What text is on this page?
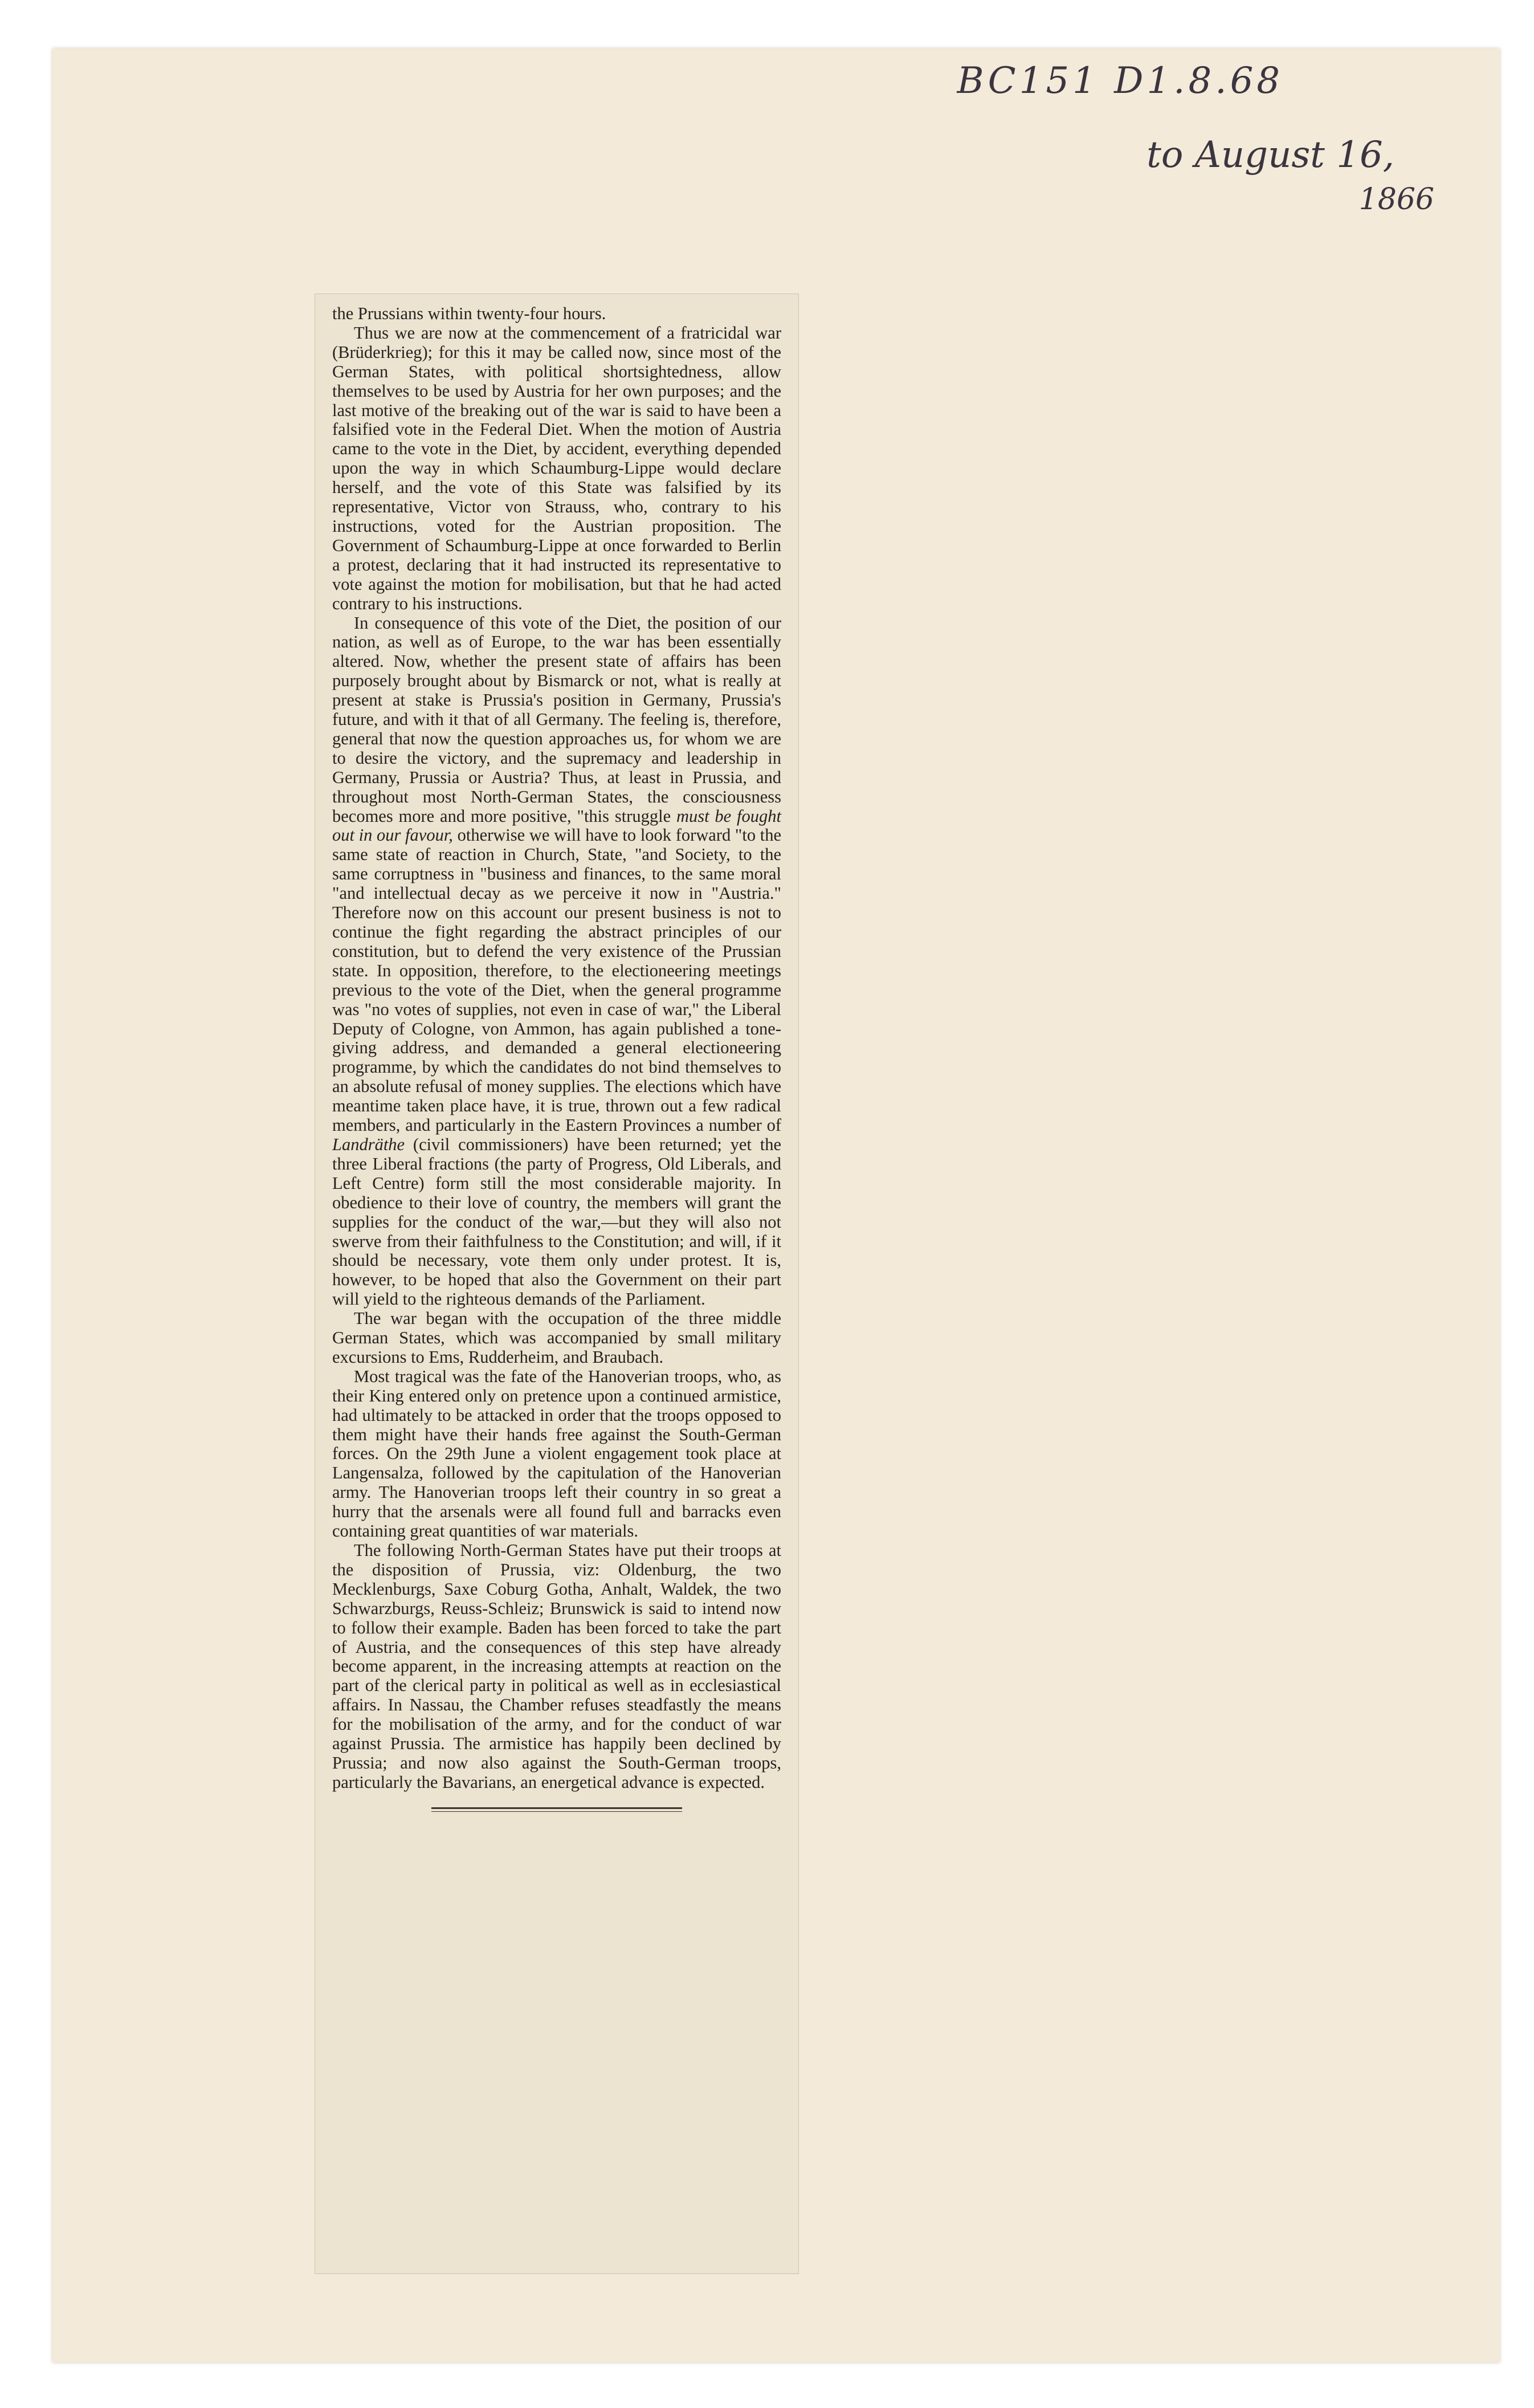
BC151 D1.8.68
to August 16,
1866

the Prussians within twenty-four hours.

Thus we are now at the commencement of a fratricidal war (Brüderkrieg); for this it may be called now, since most of the German States, with political shortsightedness, allow themselves to be used by Austria for her own purposes; and the last motive of the breaking out of the war is said to have been a falsified vote in the Federal Diet. When the motion of Austria came to the vote in the Diet, by accident, everything depended upon the way in which Schaumburg-Lippe would declare herself, and the vote of this State was falsified by its representative, Victor von Strauss, who, contrary to his instructions, voted for the Austrian proposition. The Government of Schaumburg-Lippe at once forwarded to Berlin a protest, declaring that it had instructed its representative to vote against the motion for mobilisation, but that he had acted contrary to his instructions.

In consequence of this vote of the Diet, the position of our nation, as well as of Europe, to the war has been essentially altered. Now, whether the present state of affairs has been purposely brought about by Bismarck or not, what is really at present at stake is Prussia's position in Germany, Prussia's future, and with it that of all Germany. The feeling is, therefore, general that now the question approaches us, for whom we are to desire the victory, and the supremacy and leadership in Germany, Prussia or Austria? Thus, at least in Prussia, and throughout most North-German States, the consciousness becomes more and more positive, "this struggle must be fought out in our favour, otherwise we will have to look forward "to the same state of reaction in Church, State, "and Society, to the same corruptness in "business and finances, to the same moral "and intellectual decay as we perceive it now in "Austria." Therefore now on this account our present business is not to continue the fight regarding the abstract principles of our constitution, but to defend the very existence of the Prussian state. In opposition, therefore, to the electioneering meetings previous to the vote of the Diet, when the general programme was "no votes of supplies, not even in case of war," the Liberal Deputy of Cologne, von Ammon, has again published a tone-giving address, and demanded a general electioneering programme, by which the candidates do not bind themselves to an absolute refusal of money supplies. The elections which have meantime taken place have, it is true, thrown out a few radical members, and particularly in the Eastern Provinces a number of Landräthe (civil commissioners) have been returned; yet the three Liberal fractions (the party of Progress, Old Liberals, and Left Centre) form still the most considerable majority. In obedience to their love of country, the members will grant the supplies for the conduct of the war,—but they will also not swerve from their faithfulness to the Constitution; and will, if it should be necessary, vote them only under protest. It is, however, to be hoped that also the Government on their part will yield to the righteous demands of the Parliament.

The war began with the occupation of the three middle German States, which was accompanied by small military excursions to Ems, Rudderheim, and Braubach.

Most tragical was the fate of the Hanoverian troops, who, as their King entered only on pretence upon a continued armistice, had ultimately to be attacked in order that the troops opposed to them might have their hands free against the South-German forces. On the 29th June a violent engagement took place at Langensalza, followed by the capitulation of the Hanoverian army. The Hanoverian troops left their country in so great a hurry that the arsenals were all found full and barracks even containing great quantities of war materials.

The following North-German States have put their troops at the disposition of Prussia, viz: Oldenburg, the two Mecklenburgs, Saxe Coburg Gotha, Anhalt, Waldek, the two Schwarzburgs, Reuss-Schleiz; Brunswick is said to intend now to follow their example. Baden has been forced to take the part of Austria, and the consequences of this step have already become apparent, in the increasing attempts at reaction on the part of the clerical party in political as well as in ecclesiastical affairs. In Nassau, the Chamber refuses steadfastly the means for the mobilisation of the army, and for the conduct of war against Prussia. The armistice has happily been declined by Prussia; and now also against the South-German troops, particularly the Bavarians, an energetical advance is expected.
